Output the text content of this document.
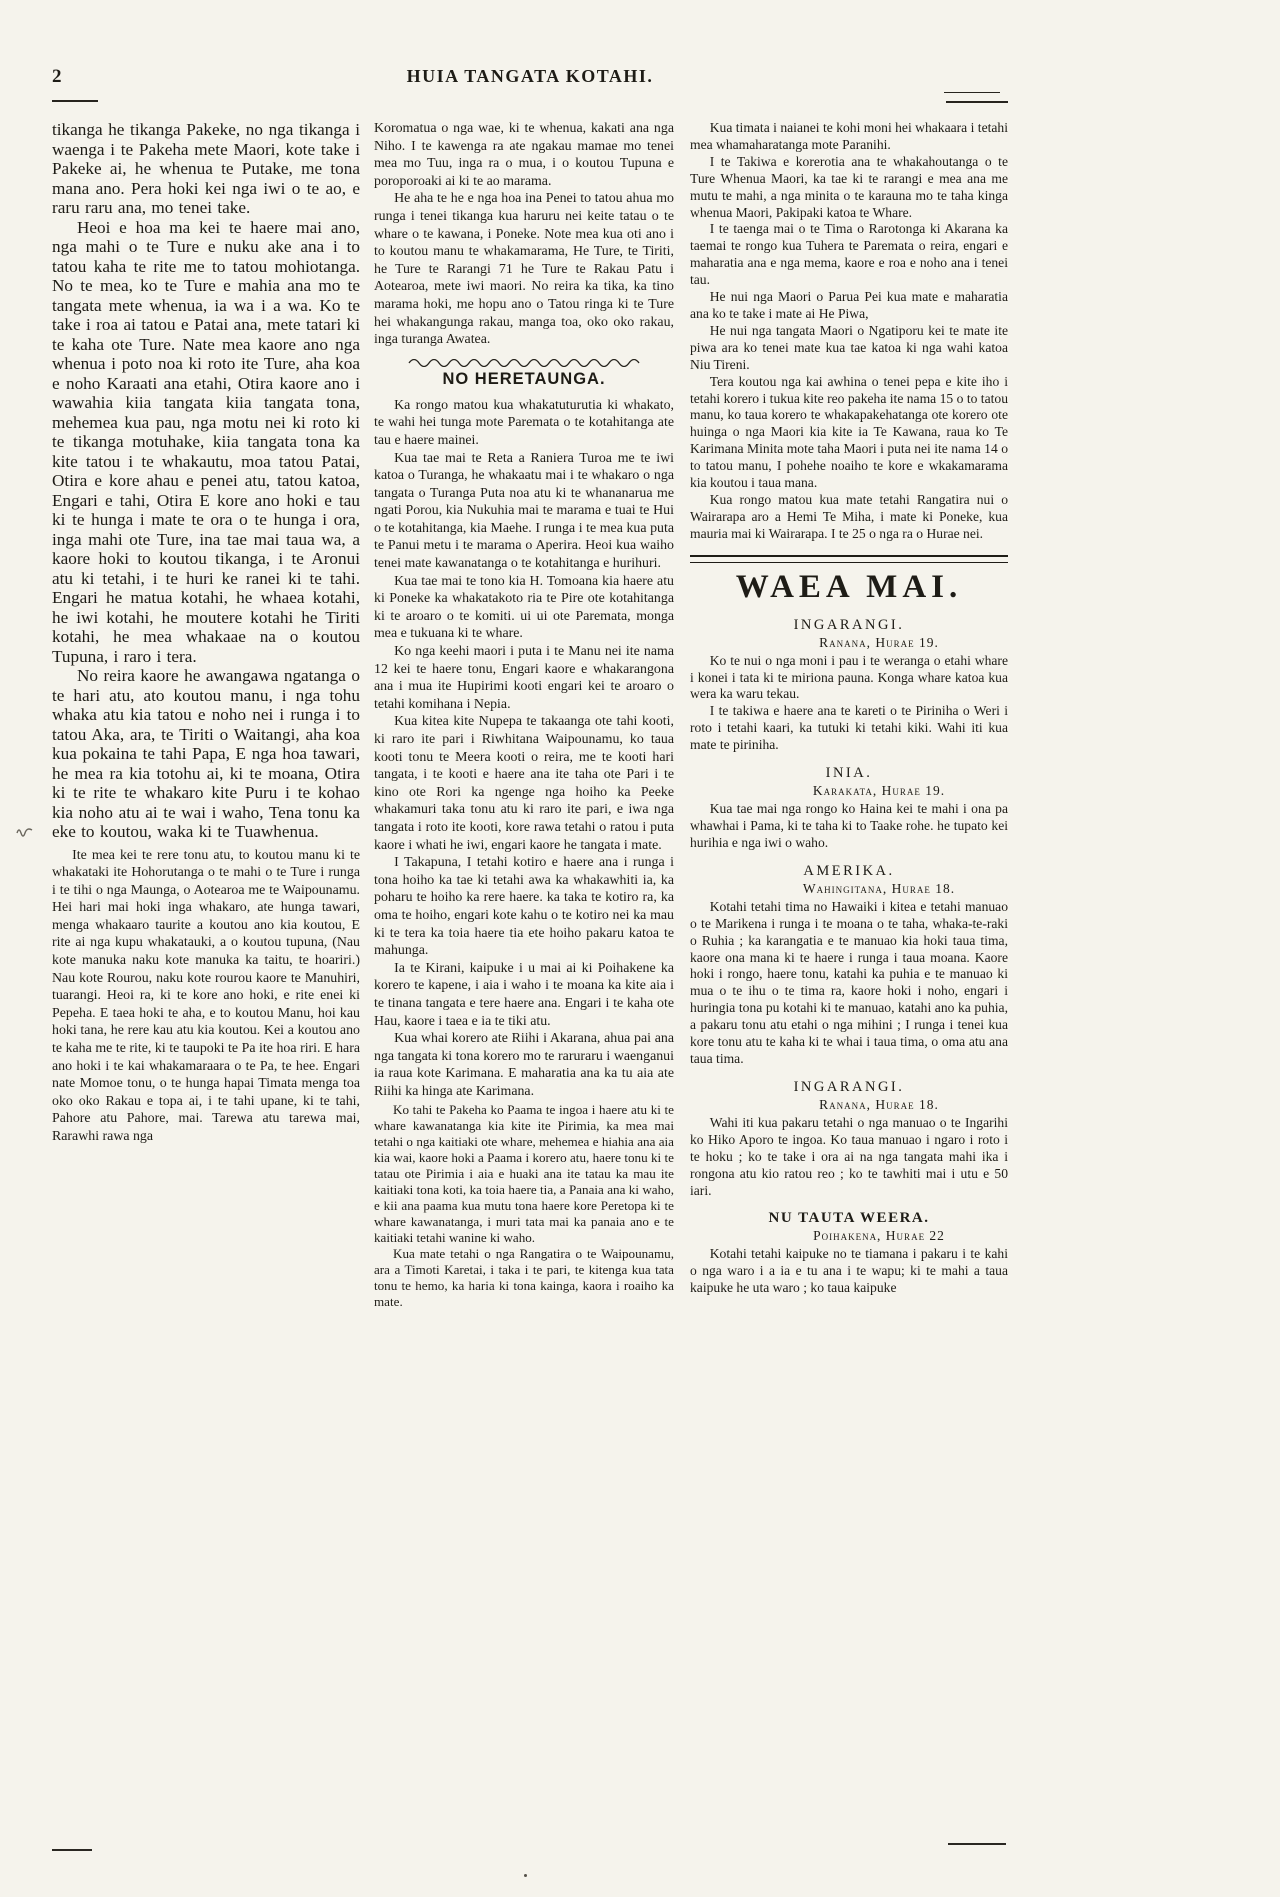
2	HUIA TANGATA KOTAHI.

tikanga he tikanga Pakeke, no nga tikanga i waenga i te Pakeha mete Maori, kote take i Pakeke ai, he whenua te Putake, me tona mana ano. Pera hoki kei nga iwi o te ao, e raru raru ana, mo tenei take.

Heoi e hoa ma kei te haere mai ano, nga mahi o te Ture e nuku ake ana i to tatou kaha te rite me to tatou mohiotanga. No te mea, ko te Ture e mahia ana mo te tangata mete whenua, ia wa i a wa. Ko te take i roa ai tatou e Patai ana, mete tatari ki te kaha ote Ture. Nate mea kaore ano nga whenua i poto noa ki roto ite Ture, aha koa e noho Karaati ana etahi, Otira kaore ano i wawahia kiia tangata kiia tangata tona, mehemea kua pau, nga motu nei ki roto ki te tikanga motuhake, kiia tangata tona ka kite tatou i te whakautu, moa tatou Patai, Otira e kore ahau e penei atu, tatou katoa, Engari e tahi, Otira E kore ano hoki e tau ki te hunga i mate te ora o te hunga i ora, inga mahi ote Ture, ina tae mai taua wa, a kaore hoki to koutou tikanga, i te Aronui atu ki tetahi, i te huri ke ranei ki te tahi. Engari he matua kotahi, he whaea kotahi, he iwi kotahi, he moutere kotahi he Tiriti kotahi, he mea whakaae na o koutou Tupuna, i raro i tera.

No reira kaore he awangawa ngatanga o te hari atu, ato koutou manu, i nga tohu whaka atu kia tatou e noho nei i runga i to tatou Aka, ara, te Tiriti o Waitangi, aha koa kua pokaina te tahi Papa, E nga hoa tawari, he mea ra kia totohu ai, ki te moana, Otira ki te rite te whakaro kite Puru i te kohao kia noho atu ai te wai i waho, Tena tonu ka eke to koutou, waka ki te Tuawhenua.

Ite mea kei te rere tonu atu, to koutou manu ki te whakataki ite Hohorutanga o te mahi o te Ture i runga i te tihi o nga Maunga, o Aotearoa me te Waipounamu. Hei hari mai hoki inga whakaro, ate hunga tawari, menga whakaaro taurite a koutou ano kia koutou, E rite ai nga kupu whakatauki, a o koutou tupuna, (Nau kote manuka naku kote manuka ka taitu, te hoariri.) Nau kote Rourou, naku kote rourou kaore te Manuhiri, tuarangi. Heoi ra, ki te kore ano hoki, e rite enei ki Pepeha. E taea hoki te aha, e to koutou Manu, hoi kau hoki tana, he rere kau atu kia koutou. Kei a koutou ano te kaha me te rite, ki te taupoki te Pa ite hoa riri. E hara ano hoki i te kai whakamaraara o te Pa, te hee. Engari nate Momoe tonu, o te hunga hapai Timata menga toa oko oko Rakau e topa ai, i te tahi upane, ki te tahi, Pahore atu Pahore, mai. Tarewa atu tarewa mai, Rarawhi rawa nga

Koromatua o nga wae, ki te whenua, kakati ana nga Niho. I te kawenga ra ate ngakau mamae mo tenei mea mo Tuu, inga ra o mua, i o koutou Tupuna e poroporoaki ai ki te ao marama.

He aha te he e nga hoa ina Penei to tatou ahua mo runga i tenei tikanga kua haruru nei keite tatau o te whare o te kawana, i Poneke. Note mea kua oti ano i to koutou manu te whakamarama, He Ture, te Tiriti, he Ture te Rarangi 71 he Ture te Rakau Patu i Aotearoa, mete iwi maori. No reira ka tika, ka tino marama hoki, me hopu ano o Tatou ringa ki te Ture hei whakangunga rakau, manga toa, oko oko rakau, inga turanga Awatea.

NO HERETAUNGA.

Ka rongo matou kua whakatuturutia ki whakato, te wahi hei tunga mote Paremata o te kotahitanga ate tau e haere mainei.

Kua tae mai te Reta a Raniera Turoa me te iwi katoa o Turanga, he whakaatu mai i te whakaro o nga tangata o Turanga Puta noa atu ki te whananarua me ngati Porou, kia Nukuhia mai te marama e tuai te Hui o te kotahitanga, kia Maehe. I runga i te mea kua puta te Panui metu i te marama o Aperira. Heoi kua waiho tenei mate kawanatanga o te kotahitanga e hurihuri.

Kua tae mai te tono kia H. Tomoana kia haere atu ki Poneke ka whakatakoto ria te Pire ote kotahitanga ki te aroaro o te komiti. ui ui ote Paremata, monga mea e tukuana ki te whare.

Ko nga keehi maori i puta i te Manu nei ite nama 12 kei te haere tonu, Engari kaore e whakarangona ana i mua ite Hupirimi kooti engari kei te aroaro o tetahi komihana i Nepia.

Kua kitea kite Nupepa te takaanga ote tahi kooti, ki raro ite pari i Riwhitana Waipounamu, ko taua kooti tonu te Meera kooti o reira, me te kooti hari tangata, i te kooti e haere ana ite taha ote Pari i te kino ote Rori ka ngenge nga hoiho ka Peeke whakamuri taka tonu atu ki raro ite pari, e iwa nga tangata i roto ite kooti, kore rawa tetahi o ratou i puta kaore i whati he iwi, engari kaore he tangata i mate.

I Takapuna, I tetahi kotiro e haere ana i runga i tona hoiho ka tae ki tetahi awa ka whakawhiti ia, ka poharu te hoiho ka rere haere. ka taka te kotiro ra, ka oma te hoiho, engari kote kahu o te kotiro nei ka mau ki te tera ka toia haere tia ete hoiho pakaru katoa te mahunga.

Ia te Kirani, kaipuke i u mai ai ki Poihakene ka korero te kapene, i aia i waho i te moana ka kite aia i te tinana tangata e tere haere ana. Engari i te kaha ote Hau, kaore i taea e ia te tiki atu.

Kua whai korero ate Riihi i Akarana, ahua pai ana nga tangata ki tona korero mo te raruraru i waenganui ia raua kote Karimana. E maharatia ana ka tu aia ate Riihi ka hinga ate Karimana.

Ko tahi te Pakeha ko Paama te ingoa i haere atu ki te whare kawanatanga kia kite ite Pirimia, ka mea mai tetahi o nga kaitiaki ote whare, mehemea e hiahia ana aia kia wai, kaore hoki a Paama i korero atu, haere tonu ki te tatau ote Pirimia i aia e huaki ana ite tatau ka mau ite kaitiaki tona koti, ka toia haere tia, a Panaia ana ki waho, e kii ana paama kua mutu tona haere kore Peretopa ki te whare kawanatanga, i muri tata mai ka panaia ano e te kaitiaki tetahi wanine ki waho.

Kua mate tetahi o nga Rangatira o te Waipounamu, ara a Timoti Karetai, i taka i te pari, te kitenga kua tata tonu te hemo, ka haria ki tona kainga, kaora i roaiho ka mate.

Kua timata i naianei te kohi moni hei whakaara i tetahi mea whamaharatanga mote Paranihi.

I te Takiwa e korerotia ana te whakahoutanga o te Ture Whenua Maori, ka tae ki te rarangi e mea ana me mutu te mahi, a nga minita o te karauna mo te taha kinga whenua Maori, Pakipaki katoa te Whare.

I te taenga mai o te Tima o Rarotonga ki Akarana ka taemai te rongo kua Tuhera te Paremata o reira, engari e maharatia ana e nga mema, kaore e roa e noho ana i tenei tau.

He nui nga Maori o Parua Pei kua mate e maharatia ana ko te take i mate ai He Piwa,

He nui nga tangata Maori o Ngatiporu kei te mate ite piwa ara ko tenei mate kua tae katoa ki nga wahi katoa Niu Tireni.

Tera koutou nga kai awhina o tenei pepa e kite iho i tetahi korero i tukua kite reo pakeha ite nama 15 o to tatou manu, ko taua korero te whakapakehatanga ote korero ote huinga o nga Maori kia kite ia Te Kawana, raua ko Te Karimana Minita mote taha Maori i puta nei ite nama 14 o to tatou manu, I pohehe noaiho te kore e wkakamarama kia koutou i taua mana.

Kua rongo matou kua mate tetahi Rangatira nui o Wairarapa aro a Hemi Te Miha, i mate ki Poneke, kua mauria mai ki Wairarapa. I te 25 o nga ra o Hurae nei.

WAEA MAI.
INGARANGI.
Ranana, Hurae 19.

Ko te nui o nga moni i pau i te weranga o etahi whare i konei i tata ki te miriona pauna. Konga whare katoa kua wera ka waru tekau.

I te takiwa e haere ana te kareti o te Piriniha o Weri i roto i tetahi kaari, ka tutuki ki tetahi kiki. Wahi iti kua mate te piriniha.

INIA.
Karakata, Hurae 19.

Kua tae mai nga rongo ko Haina kei te mahi i ona pa whawhai i Pama, ki te taha ki to Taake rohe. he tupato kei hurihia e nga iwi o waho.

AMERIKA.
Wahingitana, Hurae 18.

Kotahi tetahi tima no Hawaiki i kitea e tetahi manuao o te Marikena i runga i te moana o te taha, whaka-te-raki o Ruhia ; ka karangatia e te manuao kia hoki taua tima, kaore ona mana ki te haere i runga i taua moana. Kaore hoki i rongo, haere tonu, katahi ka puhia e te manuao ki mua o te ihu o te tima ra, kaore hoki i noho, engari i huringia tona pu kotahi ki te manuao, katahi ano ka puhia, a pakaru tonu atu etahi o nga mihini ; I runga i tenei kua kore tonu atu te kaha ki te whai i taua tima, o oma atu ana taua tima.

INGARANGI.
Ranana, Hurae 18.

Wahi iti kua pakaru tetahi o nga manuao o te Ingarihi ko Hiko Aporo te ingoa. Ko taua manuao i ngaro i roto i te hoku ; ko te take i ora ai na nga tangata mahi ika i rongona atu kio ratou reo ; ko te tawhiti mai i utu e 50 iari.

NU TAUTA WEERA.
Poihakena, Hurae 22

Kotahi tetahi kaipuke no te tiamana i pakaru i te kahi o nga waro i a ia e tu ana i te wapu; ki te mahi a taua kaipuke he uta waro ; ko taua kaipuke
